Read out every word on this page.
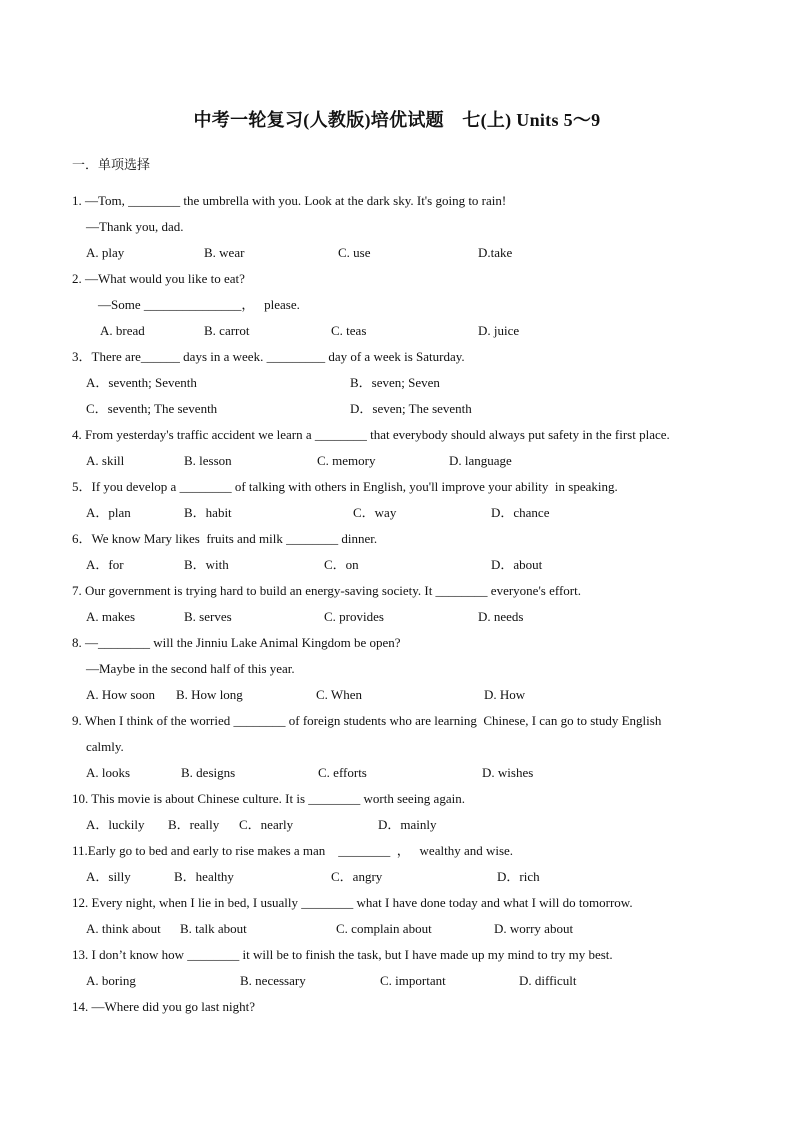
中考一轮复习(人教版)培优试题　七(上) Units 5～9
一．单项选择
1. —Tom, ________ the umbrella with you. Look at the dark sky. It's going to rain!
—Thank you, dad.
A. play	B. wear	C. use	D.take
2. —What would you like to eat?
—Some _______________，   please.
A. bread	B. carrot	C. teas	D. juice
3．There are______ days in a week. _________ day of a week is Saturday.
A．seventh; Seventh	B．seven; Seven
C．seventh; The seventh	D．seven; The seventh
4. From yesterday's traffic accident we learn a ________ that everybody should always put safety in the first place.
A. skill	B. lesson	C. memory	D. language
5．If you develop a ________ of talking with others in English, you'll improve your ability  in speaking.
A．plan	B．habit	C．way	D．chance
6．We know Mary likes  fruits and milk ________ dinner.
A．for	B．with	C．on	D．about
7. Our government is trying hard to build an energy-saving society. It ________ everyone's effort.
A. makes	B. serves	C. provides	D. needs
8. —________ will the Jinniu Lake Animal Kingdom be open?
—Maybe in the second half of this year.
A. How soon B. How long	C. When	D. How
9. When I think of the worried ________ of foreign students who are learning  Chinese, I can go to study English
calmly.
A. looks	B. designs	C. efforts	D. wishes
10. This movie is about Chinese culture. It is ________ worth seeing again.
A．luckily B．really C．nearly	D．mainly
11.Early go to bed and early to rise makes a man    ________  ，   wealthy and wise.
A．silly	B．healthy	C．angry	D．rich
12. Every night, when I lie in bed, I usually ________ what I have done today and what I will do tomorrow.
A. think about B. talk about	C. complain about	D. worry about
13. I don’t know how ________ it will be to finish the task, but I have made up my mind to try my best.
A. boring	B. necessary	C. important	D. difficult
14. —Where did you go last night?
